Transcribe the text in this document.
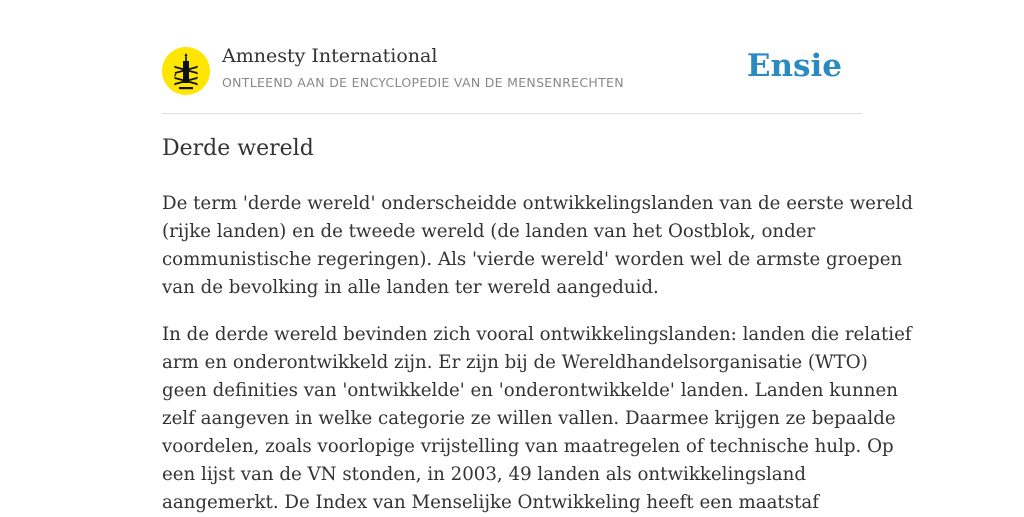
Amnesty International
ONTLEEND AAN DE ENCYCLOPEDIE VAN DE MENSENRECHTEN	Ensie
Derde wereld

De term 'derde wereld' onderscheidde ontwikkelingslanden van de eerste wereld
(rijke landen) en de tweede wereld (de landen van het Oostblok, onder
communistische regeringen). Als 'vierde wereld' worden wel de armste groepen
van de bevolking in alle landen ter wereld aangeduid.

In de derde wereld bevinden zich vooral ontwikkelingslanden: landen die relatief
arm en onderontwikkeld zijn. Er zijn bij de Wereldhandelsorganisatie (WTO)
geen definities van 'ontwikkelde' en 'onderontwikkelde' landen. Landen kunnen
zelf aangeven in welke categorie ze willen vallen. Daarmee krijgen ze bepaalde
voordelen, zoals voorlopige vrijstelling van maatregelen of technische hulp. Op
een lijst van de VN stonden, in 2003, 49 landen als ontwikkelingsland
aangemerkt. De Index van Menselijke Ontwikkeling heeft een maatstaf
